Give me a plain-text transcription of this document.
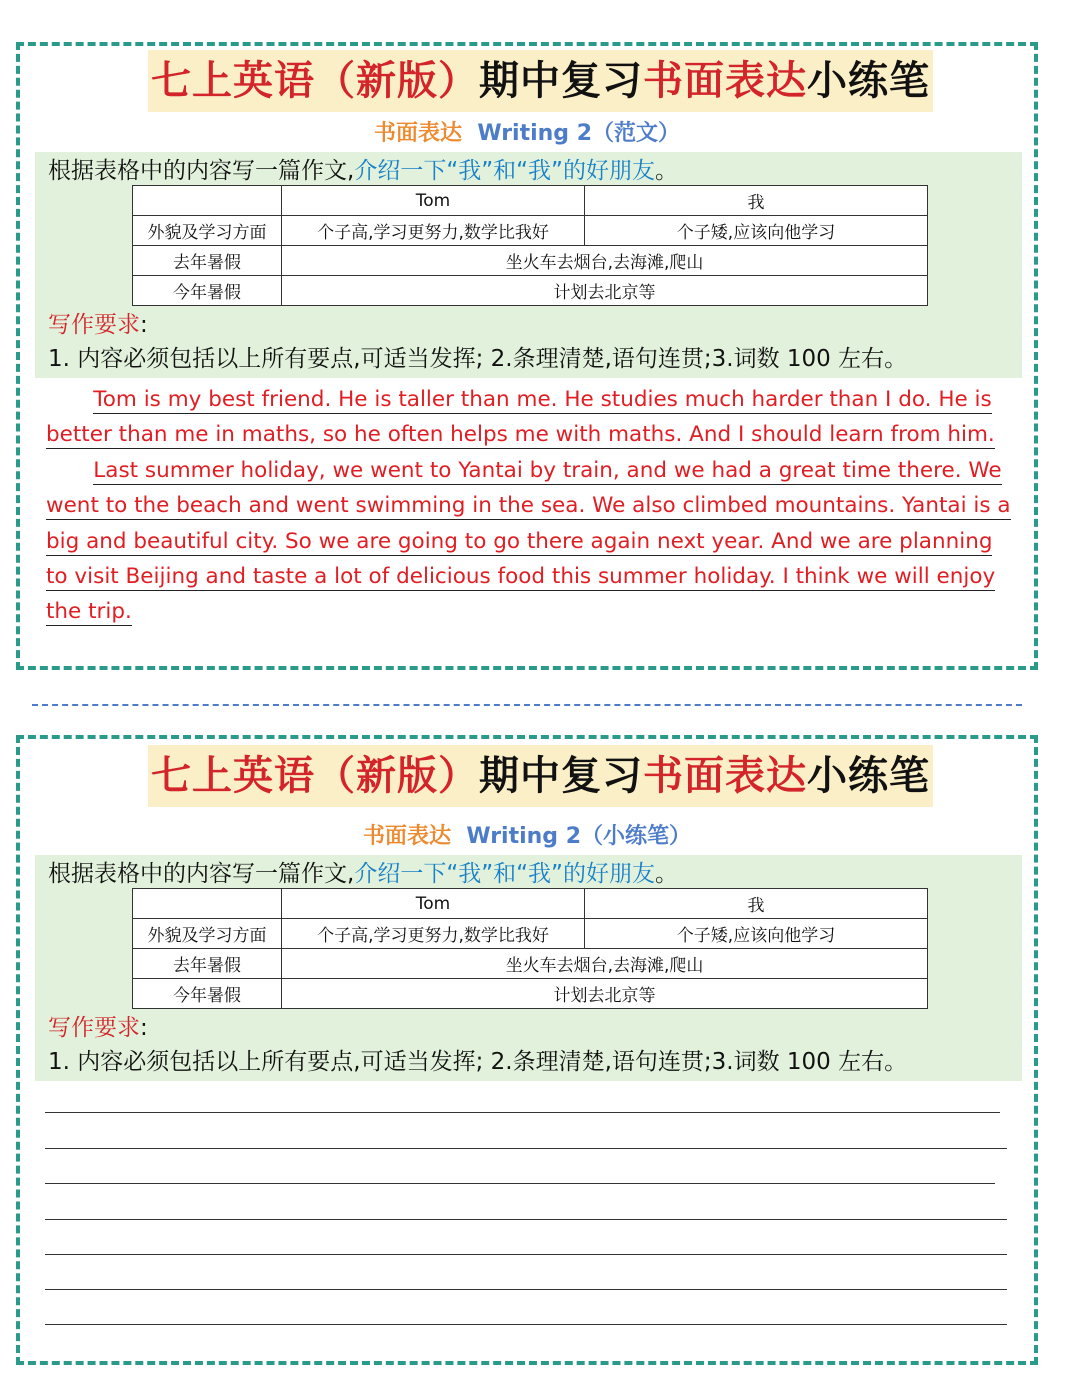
七上英语（新版）期中复习书面表达小练笔
书面表达 Writing 2（范文）
根据表格中的内容写一篇作文,介绍一下“我”和“我”的好朋友。
	Tom	我
外貌及学习方面	个子高,学习更努力,数学比我好	个子矮,应该向他学习
去年暑假	坐火车去烟台,去海滩,爬山	
今年暑假	计划去北京等	
写作要求:
1. 内容必须包括以上所有要点,可适当发挥; 2.条理清楚,语句连贯;3.词数 100 左右。

Tom is my best friend. He is taller than me. He studies much harder than I do. He is better than me in maths, so he often helps me with maths. And I should learn from him.

Last summer holiday, we went to Yantai by train, and we had a great time there. We went to the beach and went swimming in the sea. We also climbed mountains. Yantai is a big and beautiful city. So we are going to go there again next year. And we are planning to visit Beijing and taste a lot of delicious food this summer holiday. I think we will enjoy the trip.

七上英语（新版）期中复习书面表达小练笔
书面表达 Writing 2（小练笔）
根据表格中的内容写一篇作文,介绍一下“我”和“我”的好朋友。
	Tom	我
外貌及学习方面	个子高,学习更努力,数学比我好	个子矮,应该向他学习
去年暑假	坐火车去烟台,去海滩,爬山	
今年暑假	计划去北京等	
写作要求:
1. 内容必须包括以上所有要点,可适当发挥; 2.条理清楚,语句连贯;3.词数 100 左右。
